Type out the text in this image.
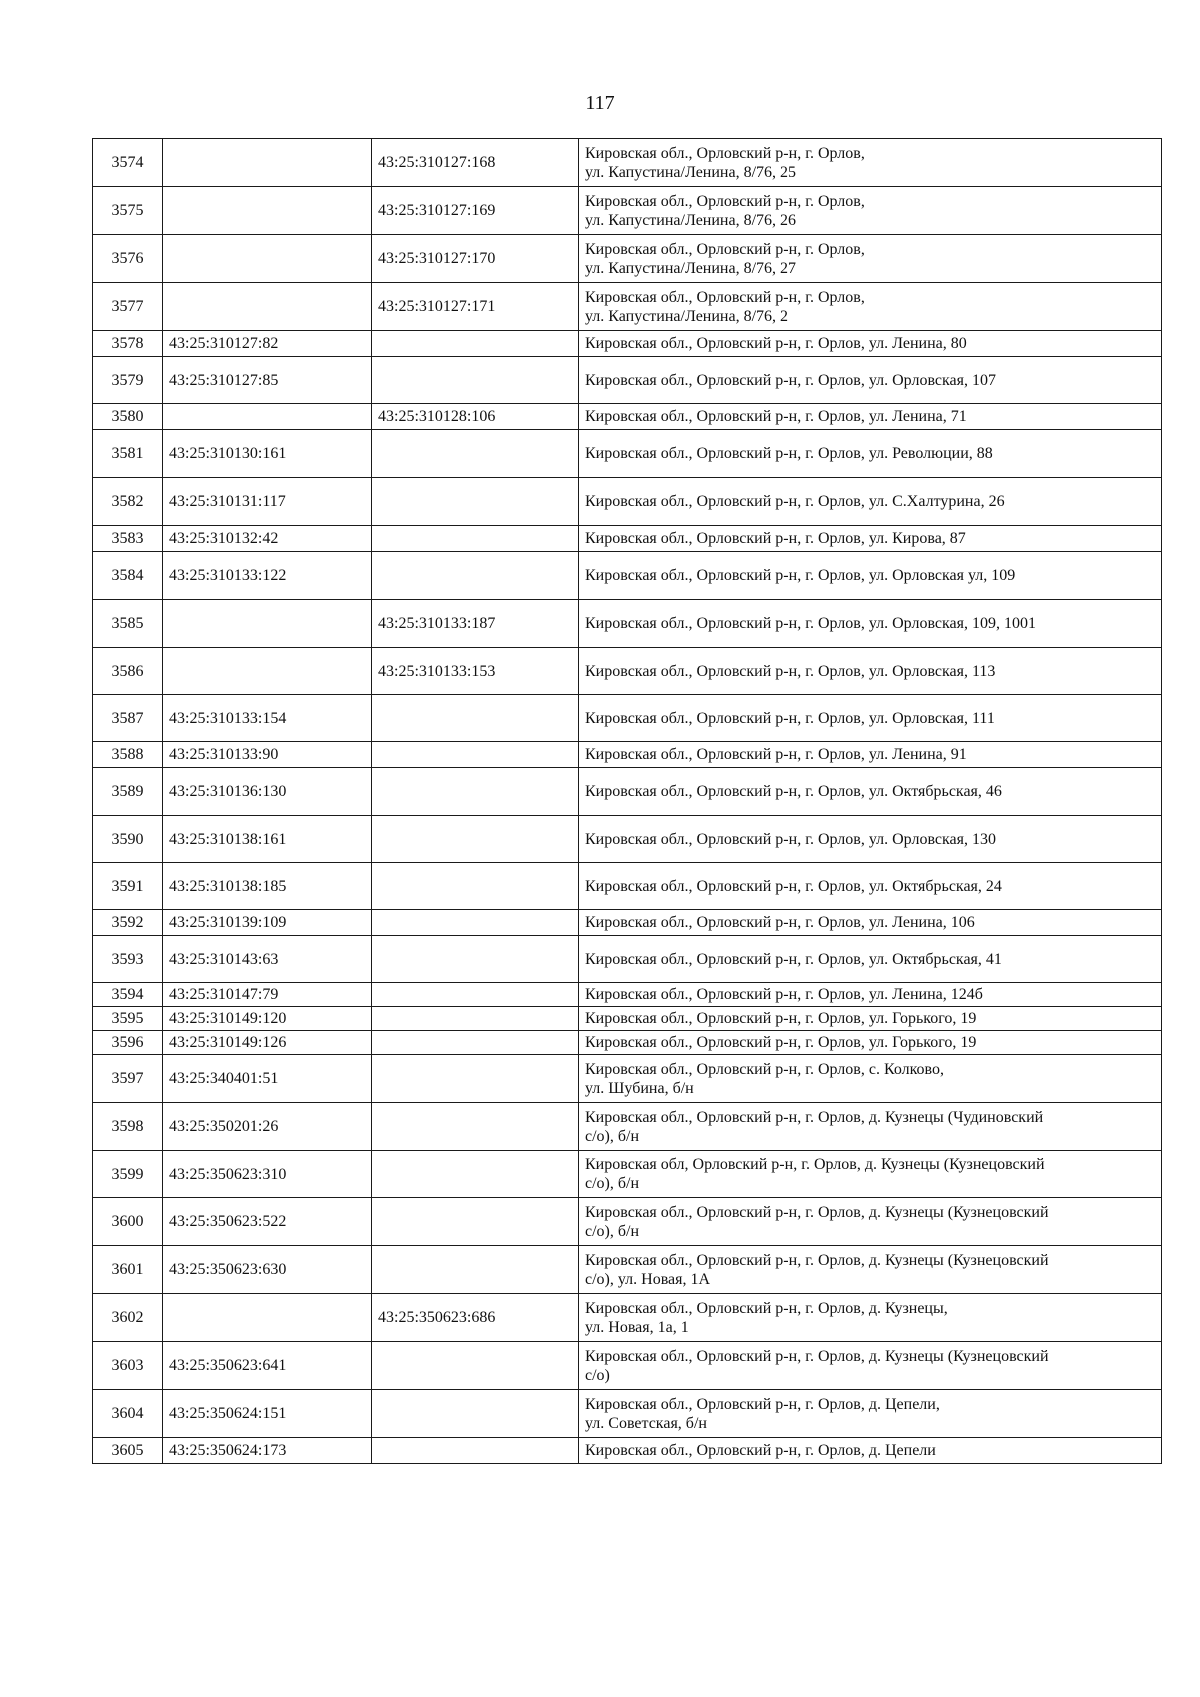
117
3574		43:25:310127:168	Кировская обл., Орловский р-н, г. Орлов,
ул. Капустина/Ленина, 8/76, 25

3575		43:25:310127:169	Кировская обл., Орловский р-н, г. Орлов,
ул. Капустина/Ленина, 8/76, 26

3576		43:25:310127:170	Кировская обл., Орловский р-н, г. Орлов,
ул. Капустина/Ленина, 8/76, 27

3577		43:25:310127:171	Кировская обл., Орловский р-н, г. Орлов,
ул. Капустина/Ленина, 8/76, 2

3578	43:25:310127:82		Кировская обл., Орловский р-н, г. Орлов, ул. Ленина, 80

3579	43:25:310127:85		Кировская обл., Орловский р-н, г. Орлов, ул. Орловская, 107

3580		43:25:310128:106	Кировская обл., Орловский р-н, г. Орлов, ул. Ленина, 71

3581	43:25:310130:161		Кировская обл., Орловский р-н, г. Орлов, ул. Революции, 88

3582	43:25:310131:117		Кировская обл., Орловский р-н, г. Орлов, ул. С.Халтурина, 26

3583	43:25:310132:42		Кировская обл., Орловский р-н, г. Орлов, ул. Кирова, 87

3584	43:25:310133:122		Кировская обл., Орловский р-н, г. Орлов, ул. Орловская ул, 109

3585		43:25:310133:187	Кировская обл., Орловский р-н, г. Орлов, ул. Орловская, 109, 1001

3586		43:25:310133:153	Кировская обл., Орловский р-н, г. Орлов, ул. Орловская, 113

3587	43:25:310133:154		Кировская обл., Орловский р-н, г. Орлов, ул. Орловская, 111

3588	43:25:310133:90		Кировская обл., Орловский р-н, г. Орлов, ул. Ленина, 91

3589	43:25:310136:130		Кировская обл., Орловский р-н, г. Орлов, ул. Октябрьская, 46

3590	43:25:310138:161		Кировская обл., Орловский р-н, г. Орлов, ул. Орловская, 130

3591	43:25:310138:185		Кировская обл., Орловский р-н, г. Орлов, ул. Октябрьская, 24

3592	43:25:310139:109		Кировская обл., Орловский р-н, г. Орлов, ул. Ленина, 106

3593	43:25:310143:63		Кировская обл., Орловский р-н, г. Орлов, ул. Октябрьская, 41

3594	43:25:310147:79		Кировская обл., Орловский р-н, г. Орлов, ул. Ленина, 124б

3595	43:25:310149:120		Кировская обл., Орловский р-н, г. Орлов, ул. Горького, 19

3596	43:25:310149:126		Кировская обл., Орловский р-н, г. Орлов, ул. Горького, 19

3597	43:25:340401:51		Кировская обл., Орловский р-н, г. Орлов, с. Колково,
ул. Шубина, б/н

3598	43:25:350201:26		Кировская обл., Орловский р-н, г. Орлов, д. Кузнецы (Чудиновский
с/о), б/н

3599	43:25:350623:310		Кировская обл, Орловский р-н, г. Орлов, д. Кузнецы (Кузнецовский
с/о), б/н

3600	43:25:350623:522		Кировская обл., Орловский р-н, г. Орлов, д. Кузнецы (Кузнецовский
с/о), б/н

3601	43:25:350623:630		Кировская обл., Орловский р-н, г. Орлов, д. Кузнецы (Кузнецовский
с/о), ул. Новая, 1А

3602		43:25:350623:686	Кировская обл., Орловский р-н, г. Орлов, д. Кузнецы,
ул. Новая, 1а, 1

3603	43:25:350623:641		Кировская обл., Орловский р-н, г. Орлов, д. Кузнецы (Кузнецовский
с/о)

3604	43:25:350624:151		Кировская обл., Орловский р-н, г. Орлов, д. Цепели,
ул. Советская, б/н

3605	43:25:350624:173		Кировская обл., Орловский р-н, г. Орлов, д. Цепели
